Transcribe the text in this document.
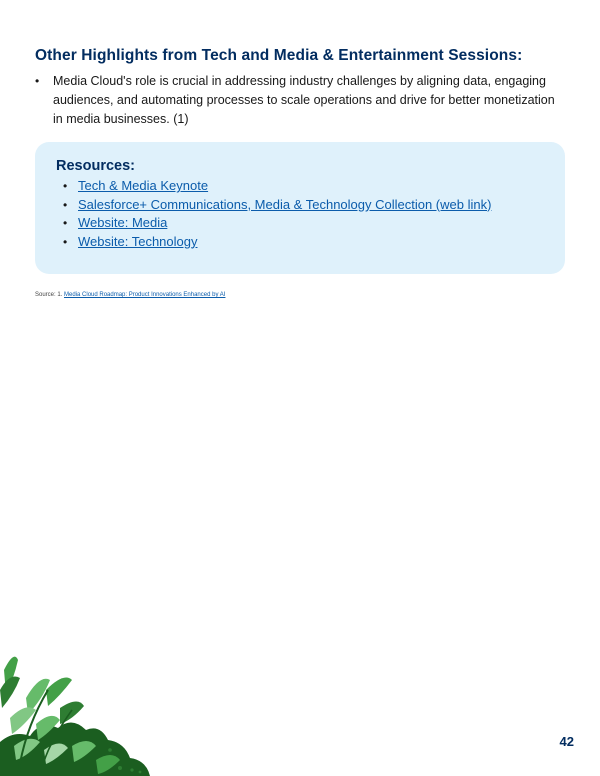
Other Highlights from Tech and Media & Entertainment Sessions:
• Media Cloud's role is crucial in addressing industry challenges by aligning data, engaging audiences, and automating processes to scale operations and drive for better monetization in media businesses. (1)
Resources:
• Tech & Media Keynote
• Salesforce+ Communications, Media & Technology Collection (web link)
• Website: Media
• Website: Technology
Source: 1. Media Cloud Roadmap: Product Innovations Enhanced by AI
42
